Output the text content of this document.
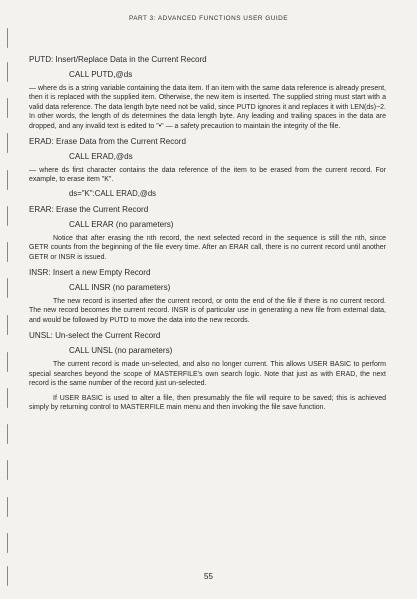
PART 3: ADVANCED FUNCTIONS USER GUIDE

PUTD: Insert/Replace Data in the Current Record

CALL PUTD,@ds

— where ds is a string variable containing the data item. If an item with the same data reference is already present, then it is replaced with the supplied item. Otherwise, the new item is inserted. The supplied string must start with a valid data reference. The data length byte need not be valid, since PUTD ignores it and replaces it with LEN(ds)−2. In other words, the length of ds determines the data length byte. Any leading and trailing spaces in the data are dropped, and any invalid text is edited to "•" — a safety precaution to maintain the integrity of the file.

ERAD: Erase Data from the Current Record

CALL ERAD,@ds

— where ds first character contains the data reference of the item to be erased from the current record. For example, to erase item "K".

ds="K":CALL ERAD,@ds

ERAR: Erase the Current Record

CALL ERAR (no parameters)

Notice that after erasing the nth record, the next selected record in the sequence is still the nth, since GETR counts from the beginning of the file every time. After an ERAR call, there is no current record until another GETR or INSR is issued.

INSR: Insert a new Empty Record

CALL INSR (no parameters)

The new record is inserted after the current record, or onto the end of the file if there is no current record. The new record becomes the current record. INSR is of particular use in generating a new file from external data, and would be followed by PUTD to move the data into the new records.

UNSL: Un-select the Current Record

CALL UNSL (no parameters)

The current record is made un-selected, and also no longer current. This allows USER BASIC to perform special searches beyond the scope of MASTERFILE's own search logic. Note that just as with ERAD, the next record is the same number of the record just un-selected.

If USER BASIC is used to alter a file, then presumably the file will require to be saved; this is achieved simply by returning control to MASTERFILE main menu and then invoking the file save function.

55
